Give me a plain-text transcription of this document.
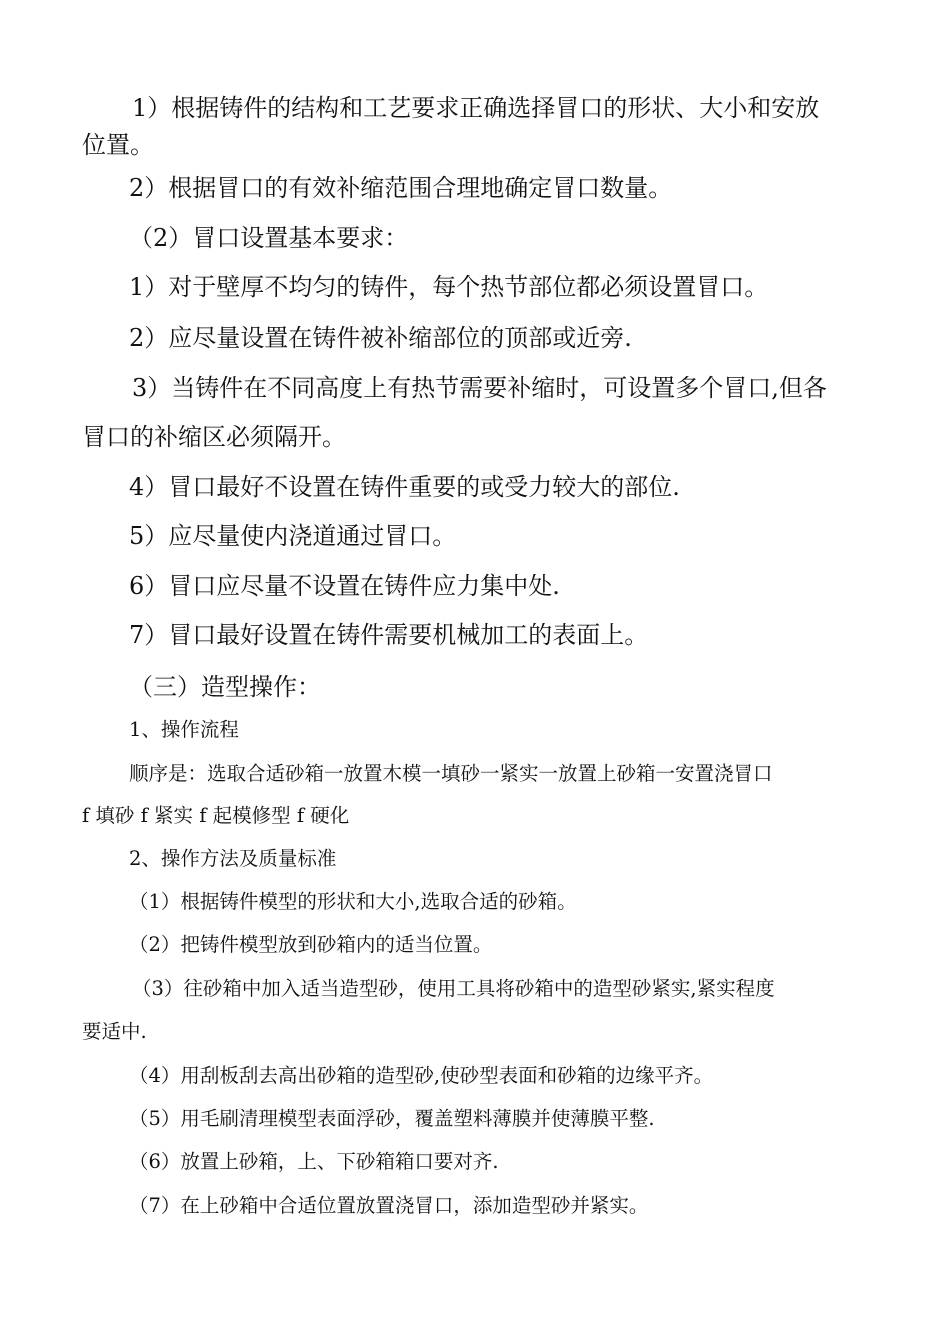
1）根据铸件的结构和工艺要求正确选择冒口的形状、大小和安放
位置。
2）根据冒口的有效补缩范围合理地确定冒口数量。
（2）冒口设置基本要求：
1）对于壁厚不均匀的铸件，每个热节部位都必须设置冒口。
2）应尽量设置在铸件被补缩部位的顶部或近旁.
3）当铸件在不同高度上有热节需要补缩时，可设置多个冒口,但各
冒口的补缩区必须隔开。
4）冒口最好不设置在铸件重要的或受力较大的部位.
5）应尽量使内浇道通过冒口。
6）冒口应尽量不设置在铸件应力集中处.
7）冒口最好设置在铸件需要机械加工的表面上。
（三）造型操作：
1、操作流程
顺序是：选取合适砂箱一放置木模一填砂一紧实一放置上砂箱一安置浇冒口
f 填砂 f 紧实 f 起模修型 f 硬化
2、操作方法及质量标准
（1）根据铸件模型的形状和大小,选取合适的砂箱。
（2）把铸件模型放到砂箱内的适当位置。
（3）往砂箱中加入适当造型砂，使用工具将砂箱中的造型砂紧实,紧实程度
要适中.
（4）用刮板刮去高出砂箱的造型砂,使砂型表面和砂箱的边缘平齐。
（5）用毛刷清理模型表面浮砂，覆盖塑料薄膜并使薄膜平整.
（6）放置上砂箱，上、下砂箱箱口要对齐.
（7）在上砂箱中合适位置放置浇冒口，添加造型砂并紧实。
